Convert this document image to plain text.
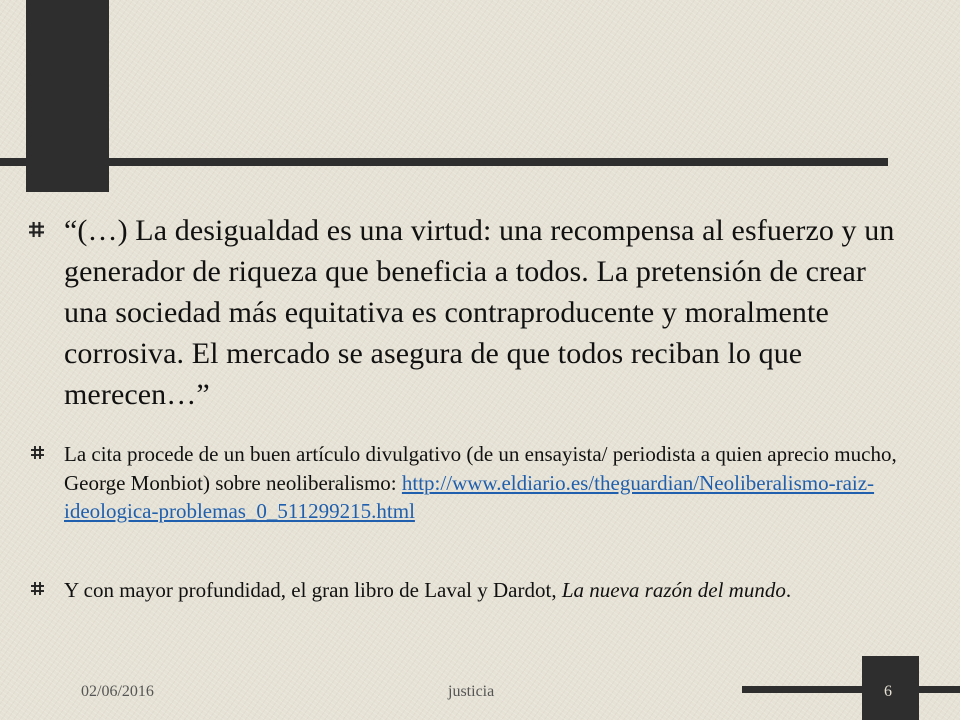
“(…) La desigualdad es una virtud: una recompensa al esfuerzo y un generador de riqueza que beneficia a todos. La pretensión de crear una sociedad más equitativa es contraproducente y moralmente corrosiva. El mercado se asegura de que todos reciban lo que merecen…”
La cita procede de un buen artículo divulgativo (de un ensayista/ periodista a quien aprecio mucho, George Monbiot) sobre neoliberalismo: http://www.eldiario.es/theguardian/Neoliberalismo-raiz-ideologica-problemas_0_511299215.html
Y con mayor profundidad, el gran libro de Laval y Dardot, La nueva razón del mundo.
02/06/2016	justicia	6
